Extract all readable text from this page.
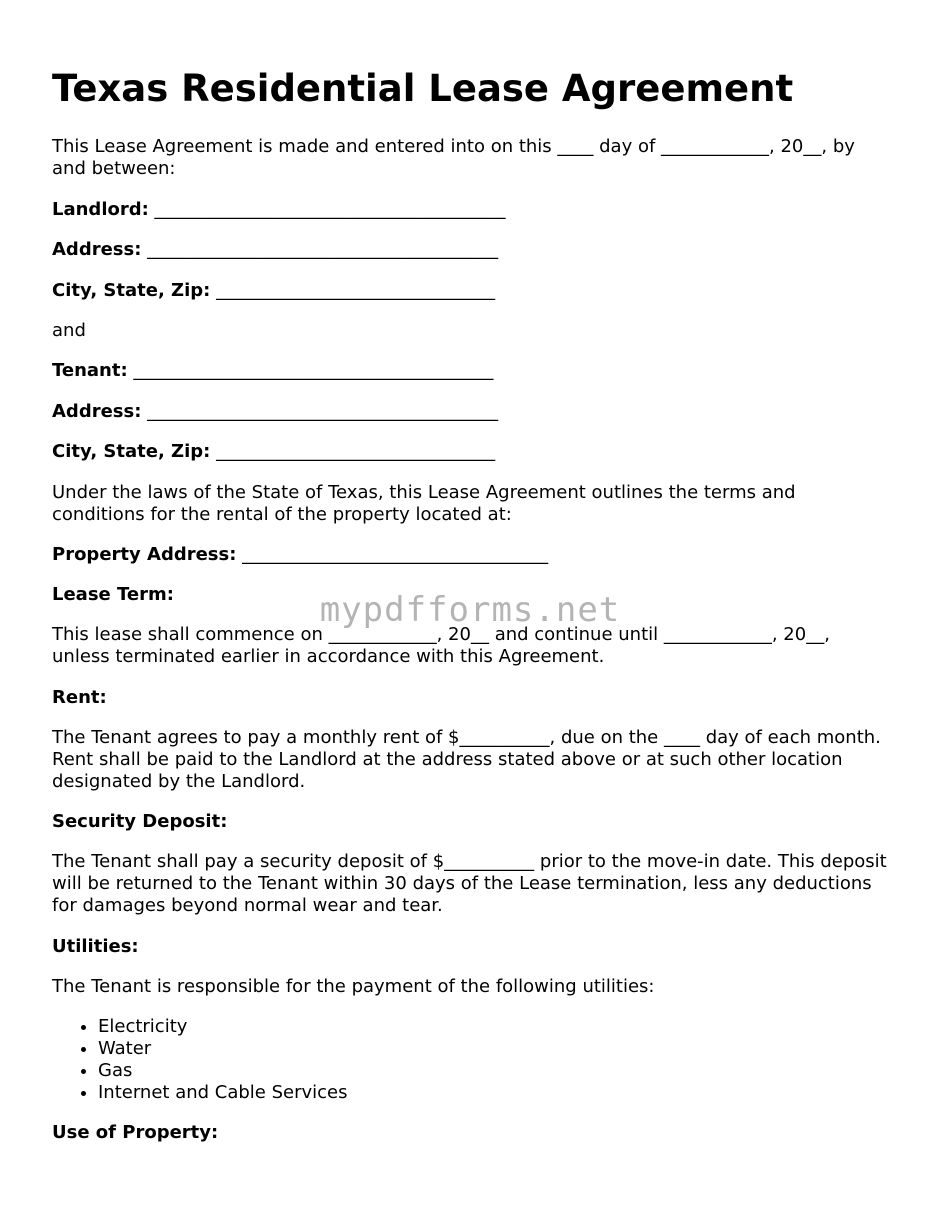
Texas Residential Lease Agreement

This Lease Agreement is made and entered into on this ____ day of ____________, 20__, by and between:

Landlord: _______________________________________

Address: _______________________________________

City, State, Zip: _______________________________

and

Tenant: ________________________________________

Address: _______________________________________

City, State, Zip: _______________________________

Under the laws of the State of Texas, this Lease Agreement outlines the terms and conditions for the rental of the property located at:

Property Address: __________________________________

Lease Term:

This lease shall commence on ____________, 20__ and continue until ____________, 20__, unless terminated earlier in accordance with this Agreement.

Rent:

The Tenant agrees to pay a monthly rent of $__________, due on the ____ day of each month. Rent shall be paid to the Landlord at the address stated above or at such other location designated by the Landlord.

Security Deposit:

The Tenant shall pay a security deposit of $__________ prior to the move-in date. This deposit will be returned to the Tenant within 30 days of the Lease termination, less any deductions for damages beyond normal wear and tear.

Utilities:

The Tenant is responsible for the payment of the following utilities:

• Electricity
• Water
• Gas
• Internet and Cable Services

Use of Property:

mypdfforms.net
